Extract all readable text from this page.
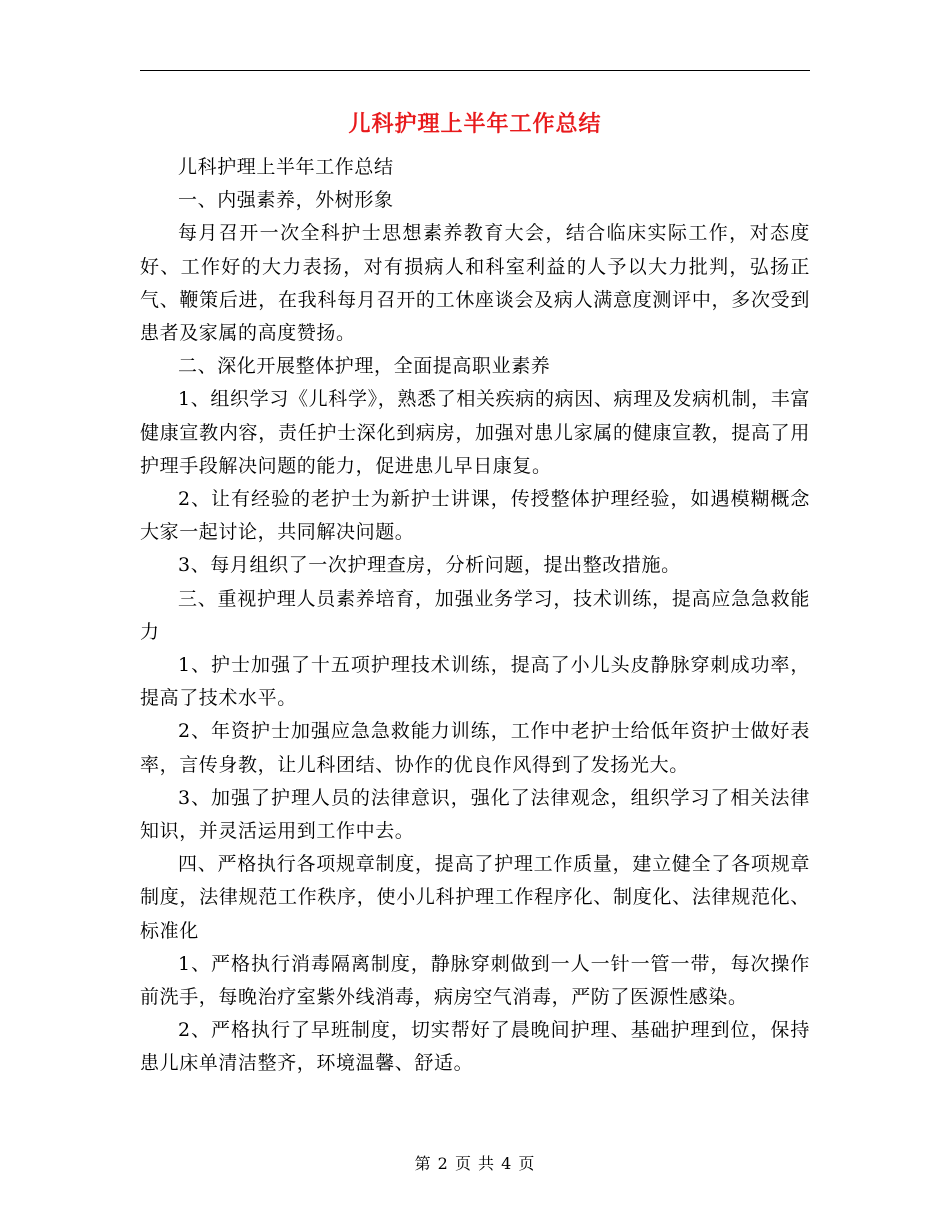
儿科护理上半年工作总结

儿科护理上半年工作总结

一、内强素养，外树形象

每月召开一次全科护士思想素养教育大会，结合临床实际工作，对态度好、工作好的大力表扬，对有损病人和科室利益的人予以大力批判，弘扬正气、鞭策后进，在我科每月召开的工休座谈会及病人满意度测评中，多次受到患者及家属的高度赞扬。

二、深化开展整体护理，全面提高职业素养

1、组织学习《儿科学》，熟悉了相关疾病的病因、病理及发病机制，丰富健康宣教内容，责任护士深化到病房，加强对患儿家属的健康宣教，提高了用护理手段解决问题的能力，促进患儿早日康复。

2、让有经验的老护士为新护士讲课，传授整体护理经验，如遇模糊概念大家一起讨论，共同解决问题。

3、每月组织了一次护理查房，分析问题，提出整改措施。

三、重视护理人员素养培育，加强业务学习，技术训练，提高应急急救能力

1、护士加强了十五项护理技术训练，提高了小儿头皮静脉穿刺成功率，提高了技术水平。

2、年资护士加强应急急救能力训练，工作中老护士给低年资护士做好表率，言传身教，让儿科团结、协作的优良作风得到了发扬光大。

3、加强了护理人员的法律意识，强化了法律观念，组织学习了相关法律知识，并灵活运用到工作中去。

四、严格执行各项规章制度，提高了护理工作质量，建立健全了各项规章制度，法律规范工作秩序，使小儿科护理工作程序化、制度化、法律规范化、标准化

1、严格执行消毒隔离制度，静脉穿刺做到一人一针一管一带，每次操作前洗手，每晚治疗室紫外线消毒，病房空气消毒，严防了医源性感染。

2、严格执行了早班制度，切实帮好了晨晚间护理、基础护理到位，保持患儿床单清洁整齐，环境温馨、舒适。

第 2 页 共 4 页
